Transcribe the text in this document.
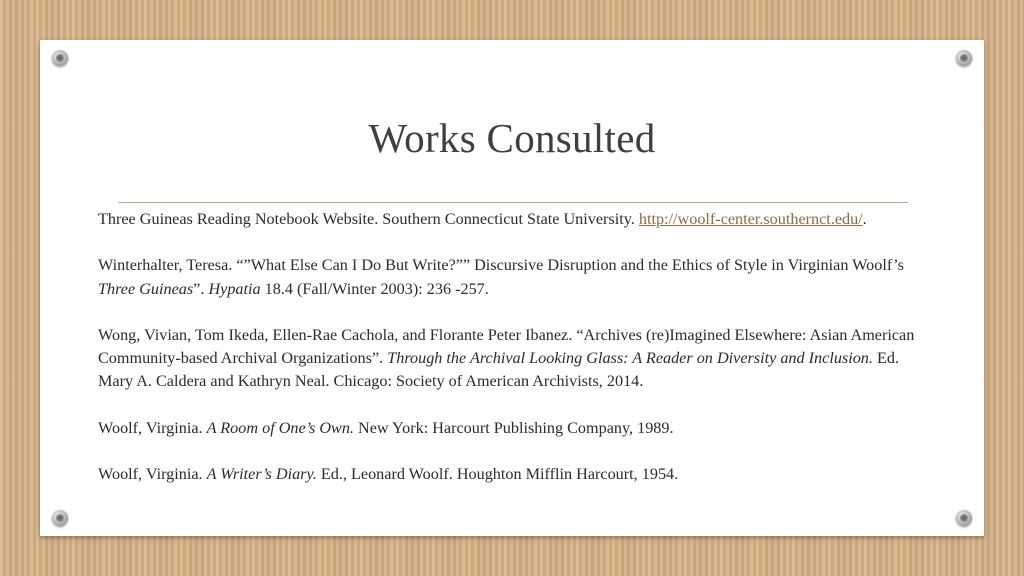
Works Consulted

Three Guineas Reading Notebook Website. Southern Connecticut State University. http://woolf-center.southernct.edu/.

Winterhalter, Teresa. “”What Else Can I Do But Write?”” Discursive Disruption and the Ethics of Style in Virginian Woolf’s Three Guineas”. Hypatia 18.4 (Fall/Winter 2003): 236 -257.

Wong, Vivian, Tom Ikeda, Ellen-Rae Cachola, and Florante Peter Ibanez. “Archives (re)Imagined Elsewhere: Asian American Community-based Archival Organizations”. Through the Archival Looking Glass: A Reader on Diversity and Inclusion. Ed. Mary A. Caldera and Kathryn Neal. Chicago: Society of American Archivists, 2014.

Woolf, Virginia. A Room of One’s Own. New York: Harcourt Publishing Company, 1989.

Woolf, Virginia. A Writer’s Diary. Ed., Leonard Woolf. Houghton Mifflin Harcourt, 1954.
